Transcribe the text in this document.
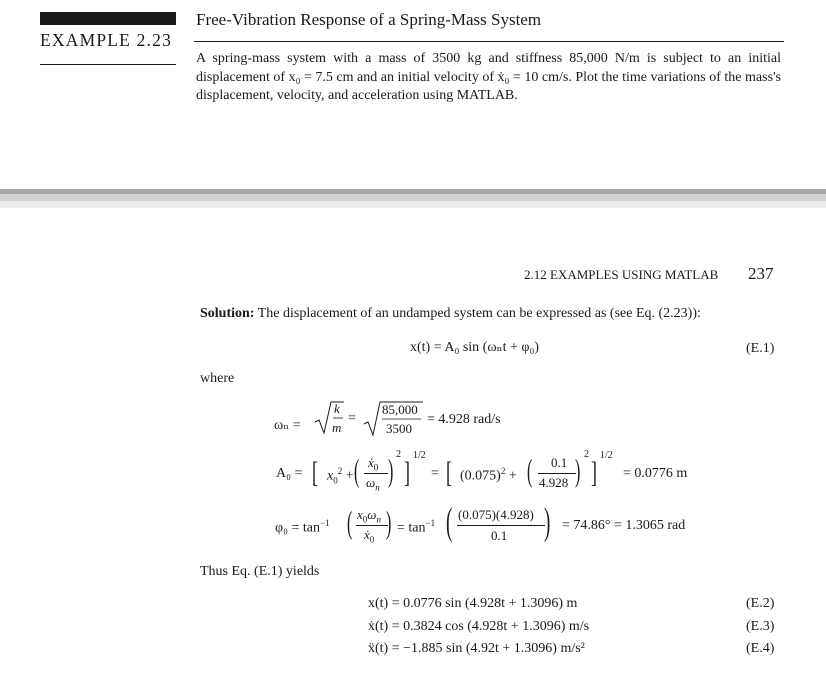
EXAMPLE 2.23
Free-Vibration Response of a Spring-Mass System
A spring-mass system with a mass of 3500 kg and stiffness 85,000 N/m is subject to an initial displacement of x₀ = 7.5 cm and an initial velocity of ẋ₀ = 10 cm/s. Plot the time variations of the mass's displacement, velocity, and acceleration using MATLAB.
2.12 EXAMPLES USING MATLAB 237
Solution: The displacement of an undamped system can be expressed as (see Eq. (2.23)):
x(t) = A₀ sin (ωₙt + φ₀)	(E.1)
where
ωₙ =
k
m
=
85,000
3500
= 4.928 rad/s
A₀ = [ $x_0^2$ + ( ẋ$_0$
$\omega_n$ ) 2
]
1/2
= [ $(0.075)^2$ + ( 0.1
4.928 ) 2
]
1/2
= 0.0776 m
$\varphi_0 = \tan^{-1}$ ( $x_0\omega_n$
ẋ$_0$ ) = $\tan^{-1}$ ( (0.075)(4.928)
0.1 ) = 74.86° = 1.3065 rad
Thus Eq. (E.1) yields
x(t) = 0.0776 sin (4.928t + 1.3096) m	(E.2)
ẋ(t) = 0.3824 cos (4.928t + 1.3096) m/s	(E.3)
ẍ(t) = −1.885 sin (4.92t + 1.3096) m/s²	(E.4)
